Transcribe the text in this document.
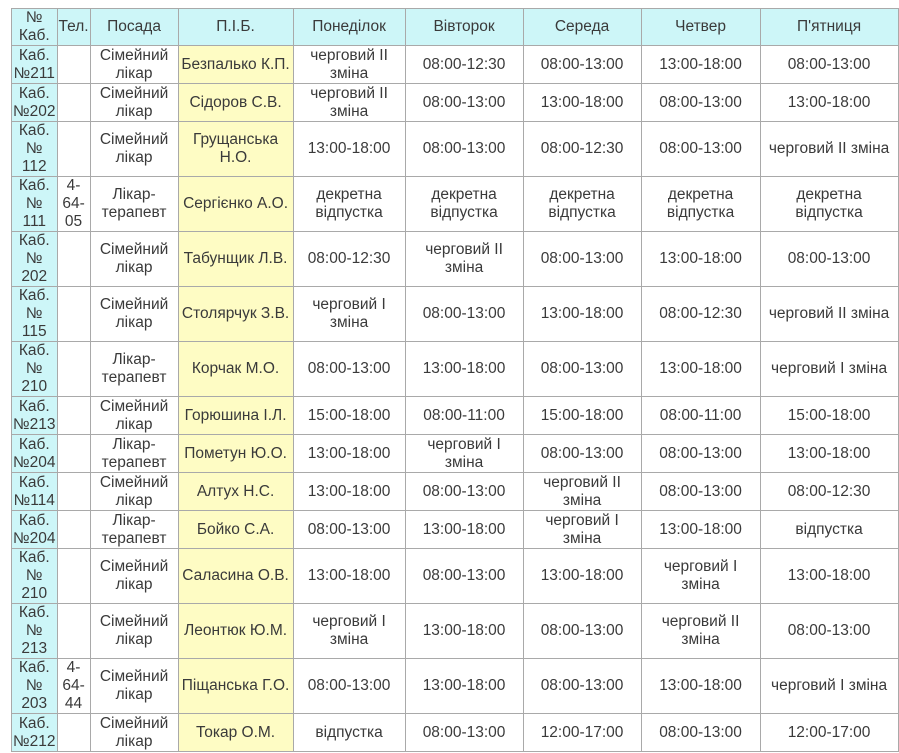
№ Каб.	Тел.	Посада	П.І.Б.	Понеділок	Вівторок	Середа	Четвер	П'ятниця
Каб. №211		Сімейний лікар	Безпалько К.П.	черговий ІІ зміна	08:00-12:30	08:00-13:00	13:00-18:00	08:00-13:00
Каб. №202		Сімейний лікар	Сідоров С.В.	черговий ІІ зміна	08:00-13:00	13:00-18:00	08:00-13:00	13:00-18:00
Каб. № 112		Сімейний лікар	Грущанська Н.О.	13:00-18:00	08:00-13:00	08:00-12:30	08:00-13:00	черговий ІІ зміна
Каб. № 111	4-64-05	Лікар-терапевт	Сергієнко А.О.	декретна відпустка	декретна відпустка	декретна відпустка	декретна відпустка	декретна відпустка
Каб. № 202		Сімейний лікар	Табунщик Л.В.	08:00-12:30	черговий ІІ зміна	08:00-13:00	13:00-18:00	08:00-13:00
Каб. № 115		Сімейний лікар	Столярчук З.В.	черговий І зміна	08:00-13:00	13:00-18:00	08:00-12:30	черговий ІІ зміна
Каб. № 210		Лікар-терапевт	Корчак М.О.	08:00-13:00	13:00-18:00	08:00-13:00	13:00-18:00	черговий І зміна
Каб. №213		Сімейний лікар	Горюшина І.Л.	15:00-18:00	08:00-11:00	15:00-18:00	08:00-11:00	15:00-18:00
Каб. №204		Лікар-терапевт	Пометун Ю.О.	13:00-18:00	черговий І зміна	08:00-13:00	08:00-13:00	13:00-18:00
Каб. №114		Сімейний лікар	Алтух Н.С.	13:00-18:00	08:00-13:00	черговий ІІ зміна	08:00-13:00	08:00-12:30
Каб. №204		Лікар-терапевт	Бойко С.А.	08:00-13:00	13:00-18:00	черговий І зміна	13:00-18:00	відпустка
Каб. № 210		Сімейний лікар	Саласина О.В.	13:00-18:00	08:00-13:00	13:00-18:00	черговий І зміна	13:00-18:00
Каб. № 213		Сімейний лікар	Леонтюк Ю.М.	черговий І зміна	13:00-18:00	08:00-13:00	черговий ІІ зміна	08:00-13:00
Каб. № 203	4-64-44	Сімейний лікар	Піщанська Г.О.	08:00-13:00	13:00-18:00	08:00-13:00	13:00-18:00	черговий І зміна
Каб. №212		Сімейний лікар	Токар О.М.	відпустка	08:00-13:00	12:00-17:00	08:00-13:00	12:00-17:00
